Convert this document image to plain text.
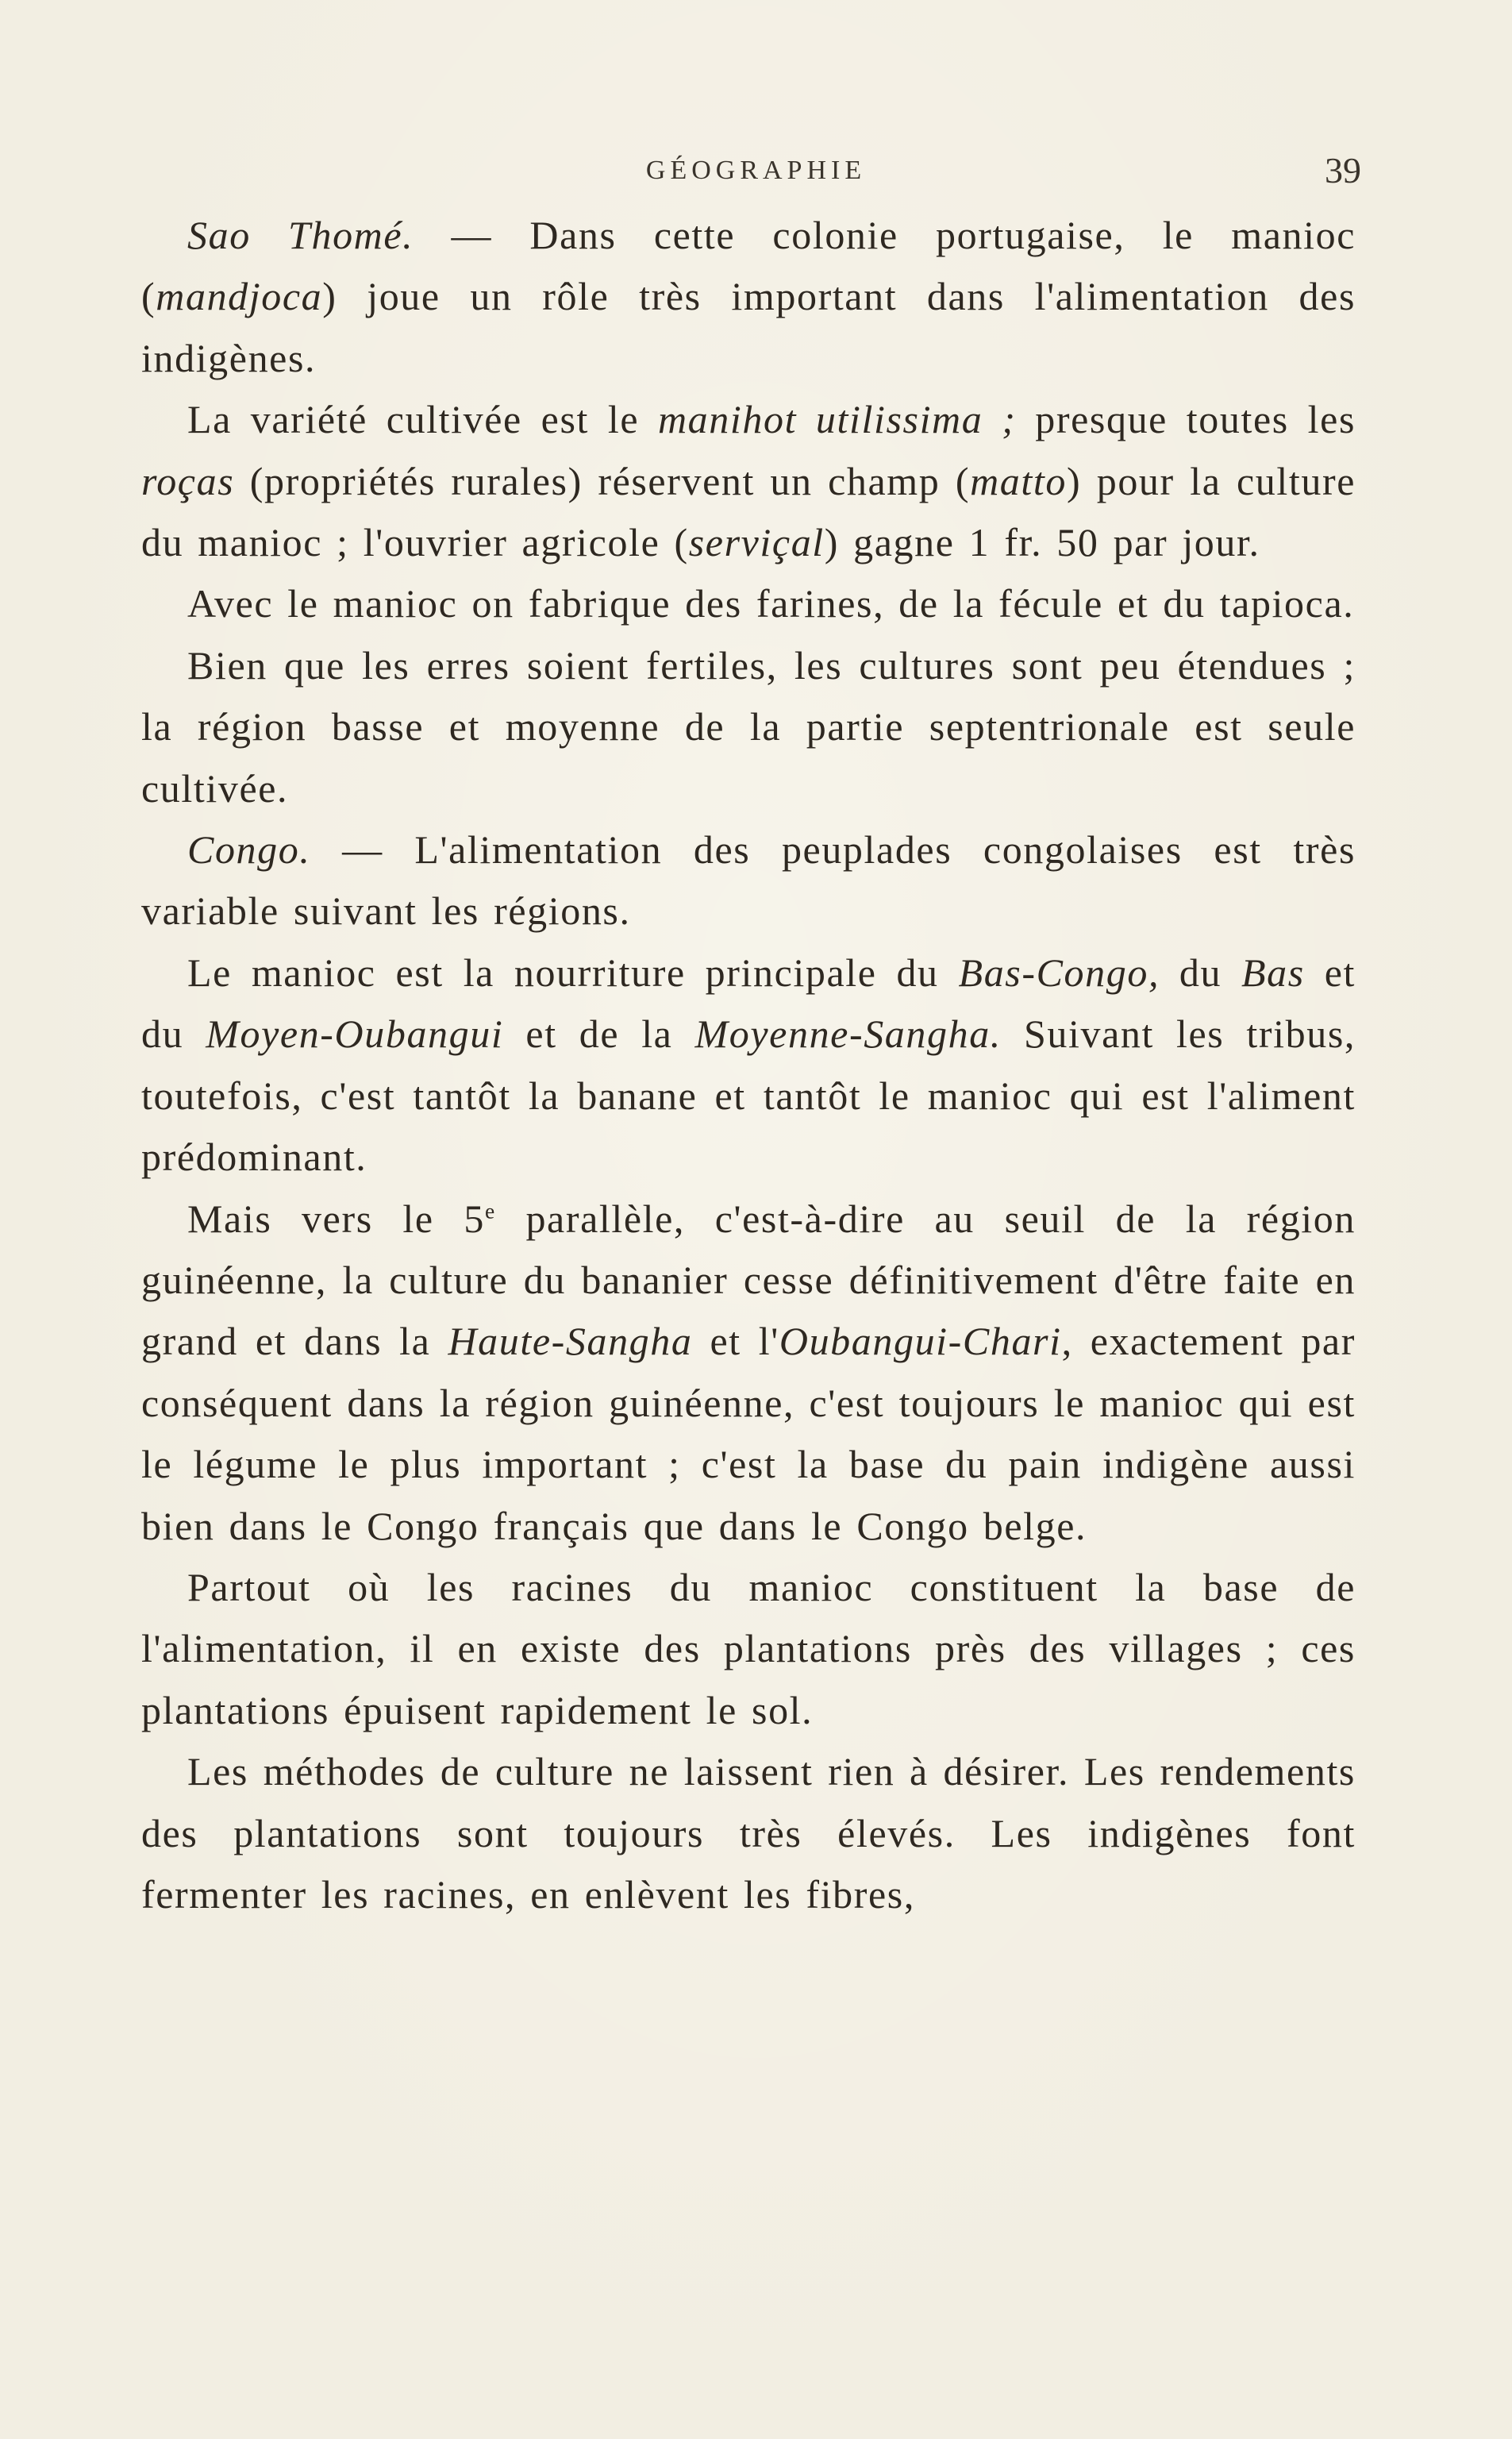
GÉOGRAPHIE	39

Sao Thomé. — Dans cette colonie portugaise, le manioc (mandjoca) joue un rôle très important dans l'alimentation des indigènes.

La variété cultivée est le manihot utilissima ; presque toutes les roças (propriétés rurales) réservent un champ (matto) pour la culture du manioc ; l'ouvrier agricole (serviçal) gagne 1 fr. 50 par jour.

Avec le manioc on fabrique des farines, de la fécule et du tapioca.

Bien que les erres soient fertiles, les cultures sont peu étendues ; la région basse et moyenne de la partie septentrionale est seule cultivée.

Congo. — L'alimentation des peuplades congolaises est très variable suivant les régions.

Le manioc est la nourriture principale du Bas-Congo, du Bas et du Moyen-Oubangui et de la Moyenne-Sangha. Suivant les tribus, toutefois, c'est tantôt la banane et tantôt le manioc qui est l'aliment prédominant.

Mais vers le 5e parallèle, c'est-à-dire au seuil de la région guinéenne, la culture du bananier cesse définitivement d'être faite en grand et dans la Haute-Sangha et l'Oubangui-Chari, exactement par conséquent dans la région guinéenne, c'est toujours le manioc qui est le légume le plus important ; c'est la base du pain indigène aussi bien dans le Congo français que dans le Congo belge.

Partout où les racines du manioc constituent la base de l'alimentation, il en existe des plantations près des villages ; ces plantations épuisent rapidement le sol.

Les méthodes de culture ne laissent rien à désirer. Les rendements des plantations sont toujours très élevés. Les indigènes font fermenter les racines, en enlèvent les fibres,
